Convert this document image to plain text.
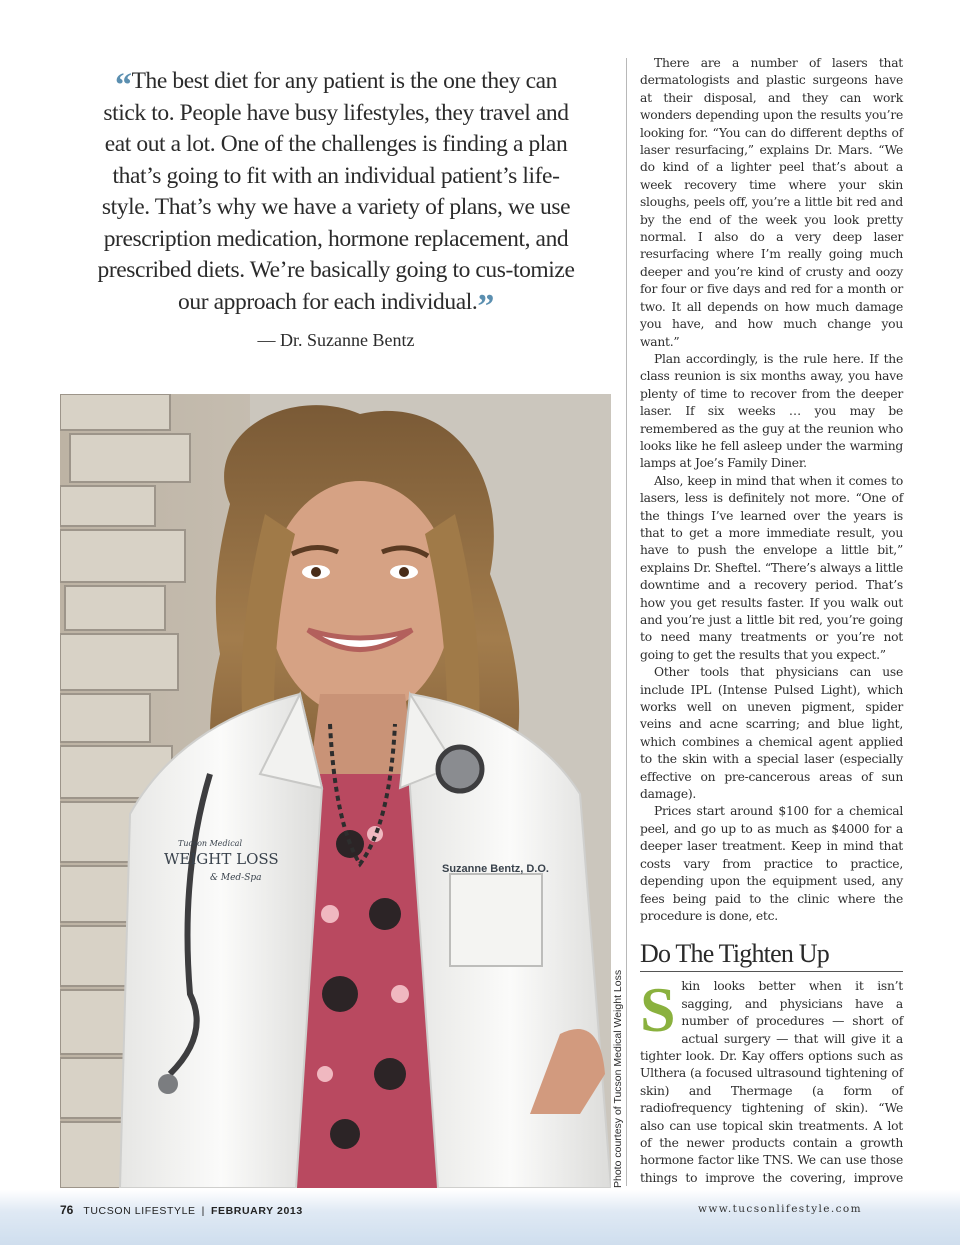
“The best diet for any patient is the one they can stick to. People have busy lifestyles, they travel and eat out a lot. One of the challenges is finding a plan that’s going to fit with an individual patient’s life-style. That’s why we have a variety of plans, we use prescription medication, hormone replacement, and prescribed diets. We’re basically going to cus-tomize our approach for each individual.”
— Dr. Suzanne Bentz
Tucson Medical
WEIGHT LOSS
& Med-Spa
Suzanne Bentz, D.O.
Photo courtesy of Tucson Medical Weight Loss

There are a number of lasers that dermatologists and plastic surgeons have at their disposal, and they can work wonders depending upon the results you’re looking for. “You can do different depths of laser resurfacing,” explains Dr. Mars. “We do kind of a lighter peel that’s about a week recovery time where your skin sloughs, peels off, you’re a little bit red and by the end of the week you look pretty normal. I also do a very deep laser resurfacing where I’m really going much deeper and you’re kind of crusty and oozy for four or five days and red for a month or two. It all depends on how much damage you have, and how much change you want.”

Plan accordingly, is the rule here. If the class reunion is six months away, you have plenty of time to recover from the deeper laser. If six weeks … you may be remembered as the guy at the reunion who looks like he fell asleep under the warming lamps at Joe’s Family Diner.

Also, keep in mind that when it comes to lasers, less is definitely not more. “One of the things I’ve learned over the years is that to get a more immediate result, you have to push the envelope a little bit,” explains Dr. Sheftel. “There’s always a little downtime and a recovery period. That’s how you get results faster. If you walk out and you’re just a little bit red, you’re going to need many treatments or you’re not going to get the results that you expect.”

Other tools that physicians can use include IPL (Intense Pulsed Light), which works well on uneven pigment, spider veins and acne scarring; and blue light, which combines a chemical agent applied to the skin with a special laser (especially effective on pre-cancerous areas of sun damage).

Prices start around $100 for a chemical peel, and go up to as much as $4000 for a deeper laser treatment. Keep in mind that costs vary from practice to practice, depending upon the equipment used, any fees being paid to the clinic where the procedure is done, etc.

Do The Tighten Up

Skin looks better when it isn’t sagging, and physicians have a number of procedures — short of actual surgery — that will give it a tighter look. Dr. Kay offers options such as Ulthera (a focused ultrasound tightening of skin) and Thermage (a form of radiofrequency tightening of skin). “We also can use topical skin treatments. A lot of the newer products contain a growth hormone factor like TNS. We can use those things to improve the covering, improve

76 TUCSON LIFESTYLE | FEBRUARY 2013	www.tucsonlifestyle.com
